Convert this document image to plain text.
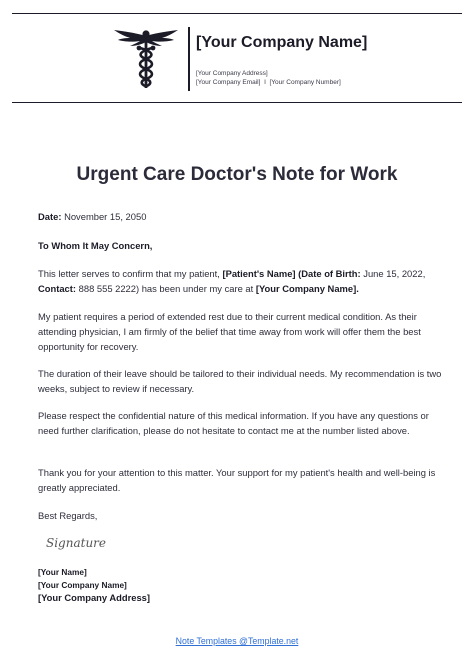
[Your Company Name]
[Your Company Address]
[Your Company Email] I [Your Company Number]
Urgent Care Doctor's Note for Work
Date: November 15, 2050
To Whom It May Concern,
This letter serves to confirm that my patient, [Patient's Name] (Date of Birth: June 15, 2022, Contact: 888 555 2222) has been under my care at [Your Company Name].
My patient requires a period of extended rest due to their current medical condition. As their attending physician, I am firmly of the belief that time away from work will offer them the best opportunity for recovery.
The duration of their leave should be tailored to their individual needs. My recommendation is two weeks, subject to review if necessary.
Please respect the confidential nature of this medical information. If you have any questions or need further clarification, please do not hesitate to contact me at the number listed above.
Thank you for your attention to this matter. Your support for my patient's health and well-being is greatly appreciated.
Best Regards,
Signature
[Your Name]
[Your Company Name]
[Your Company Address]
Note Templates @Template.net
